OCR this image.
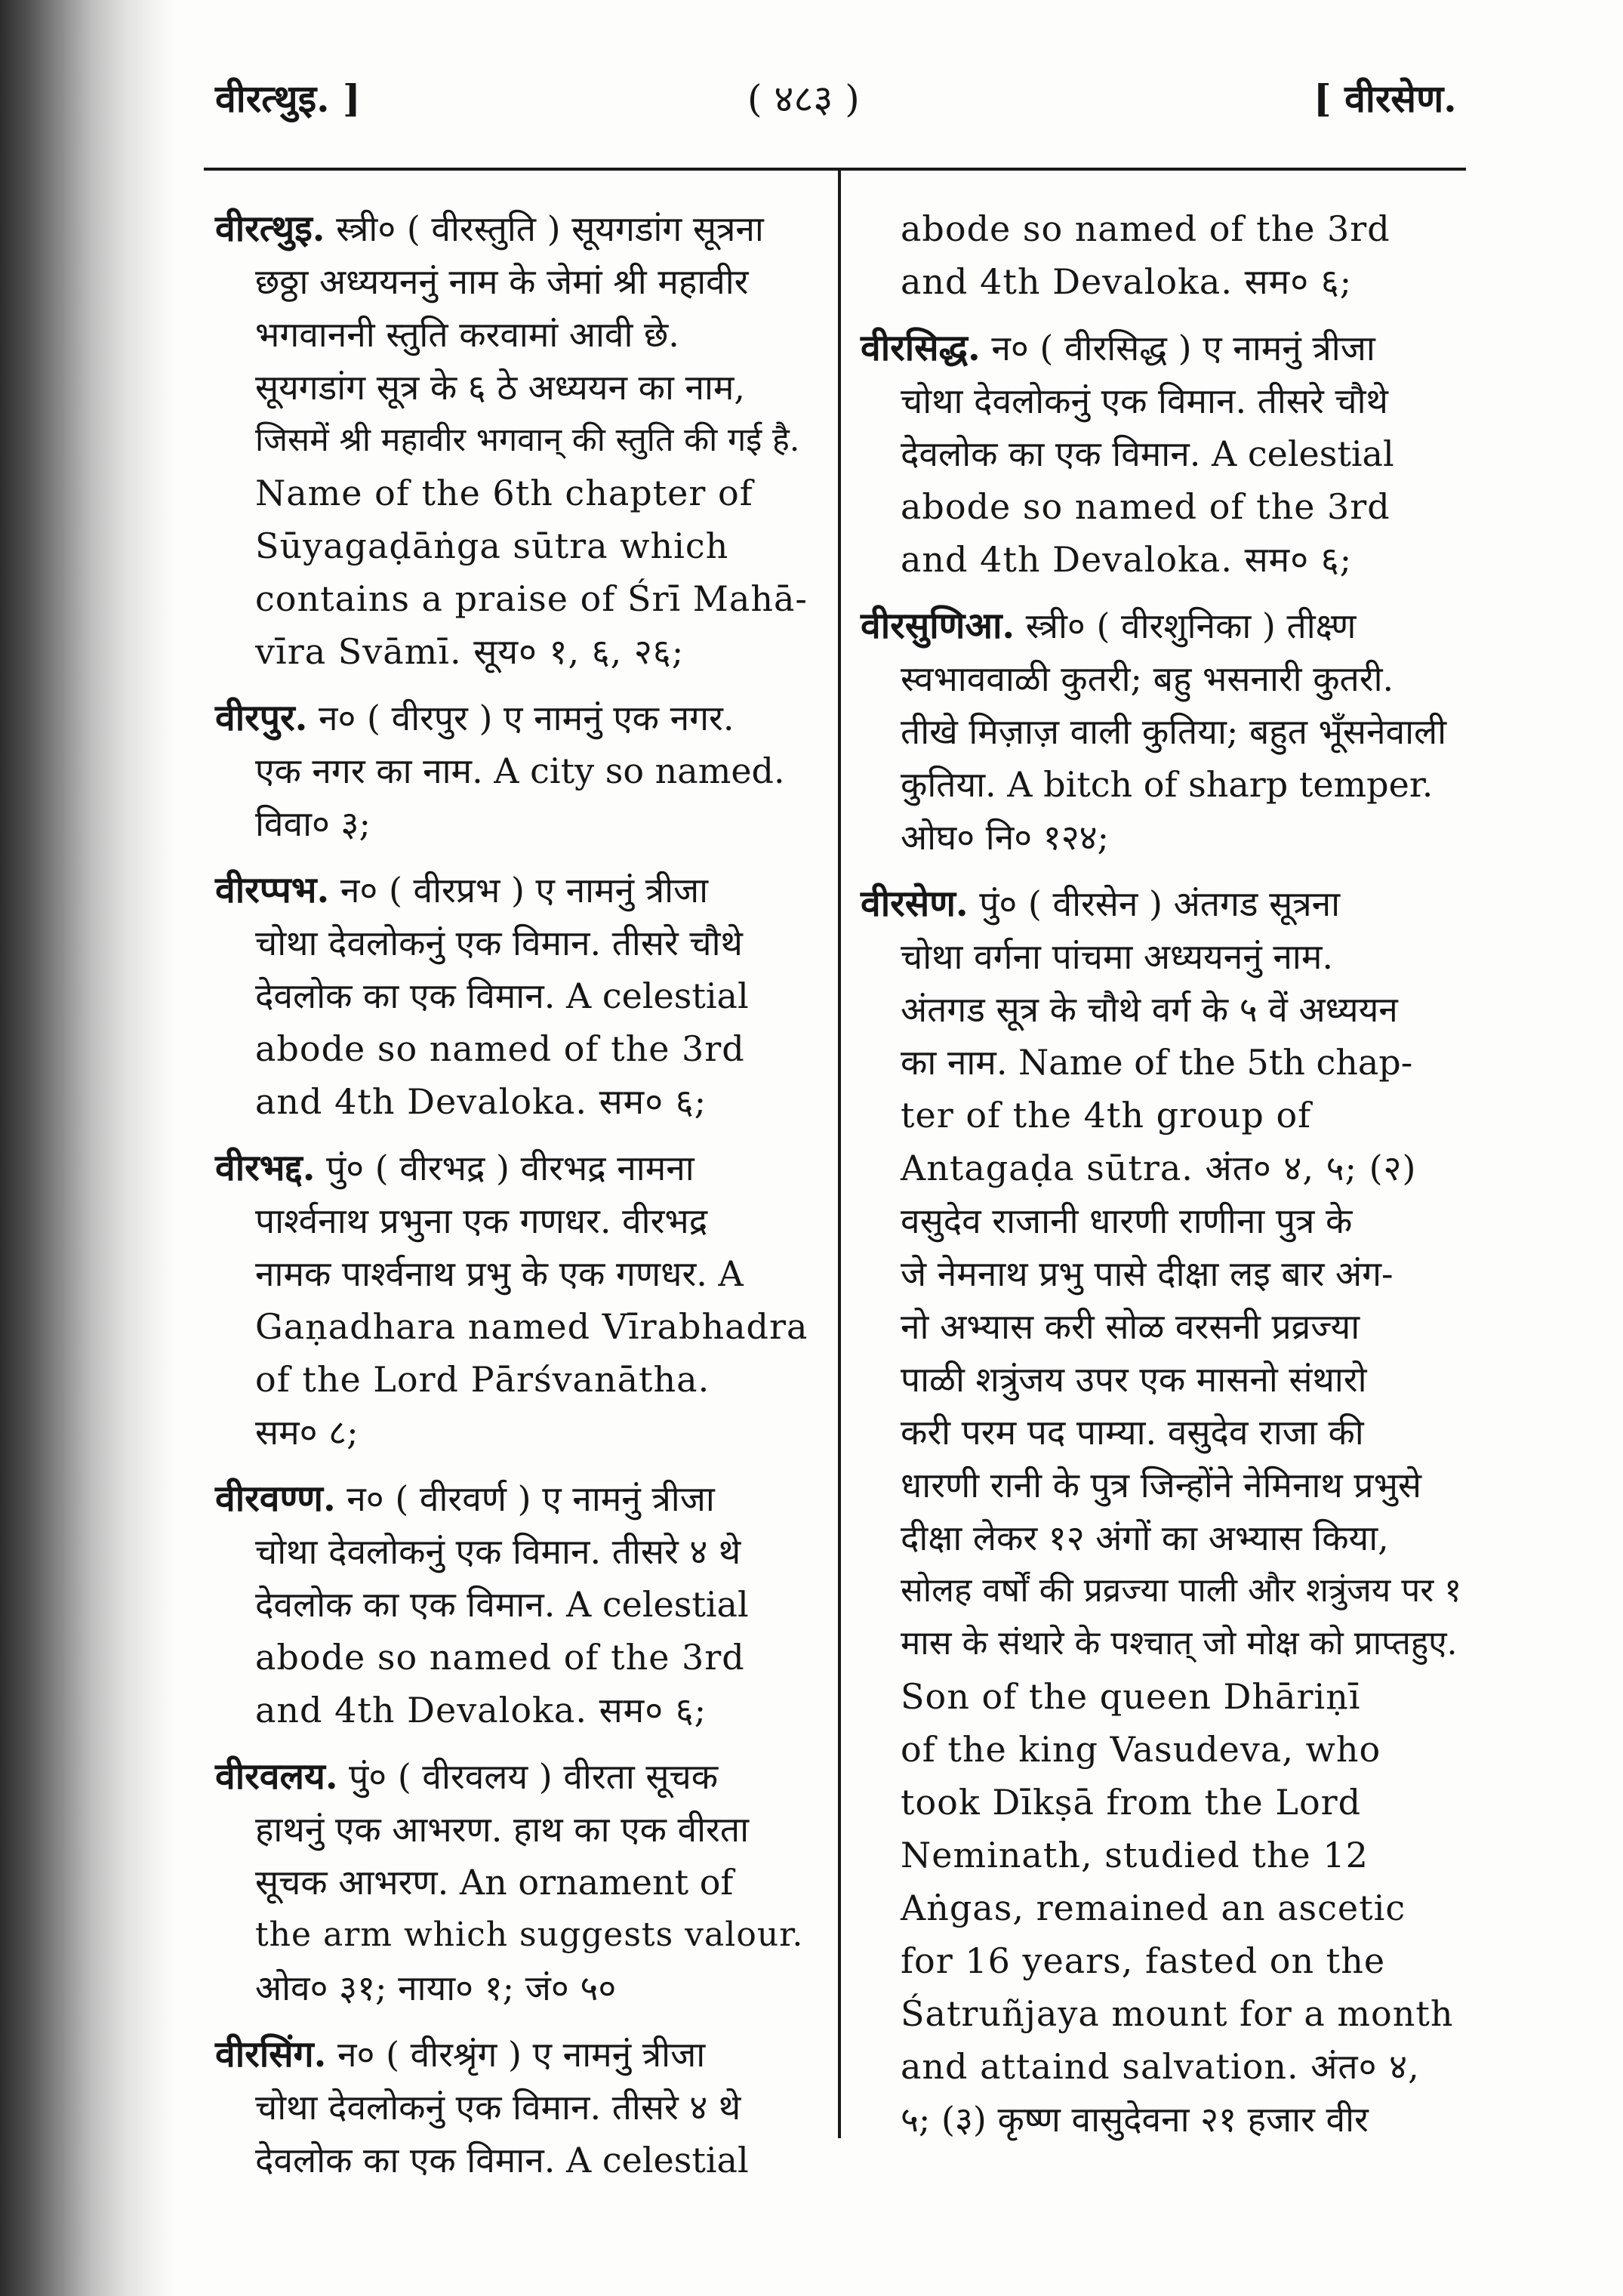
वीरत्थुइ. ]	( ४८३ )	[ वीरसेण.
वीरत्थुइ. स्त्री० ( वीरस्तुति ) सूयगडांग सूत्रना
छठ्ठा अध्ययननुं नाम के जेमां श्री महावीर
भगवाननी स्तुति करवामां आवी छे.
सूयगडांग सूत्र के ६ ठे अध्ययन का नाम,
जिसमें श्री महावीर भगवान् की स्तुति की गई है.
Name of the 6th chapter of
Sūyagaḍāṅga sūtra which
contains a praise of Śrī Mahā-
vīra Svāmī. सूय० १, ६, २६;
वीरपुर. न० ( वीरपुर ) ए नामनुं एक नगर.
एक नगर का नाम. A city so named.
विवा० ३;
वीरप्पभ. न० ( वीरप्रभ ) ए नामनुं त्रीजा
चोथा देवलोकनुं एक विमान. तीसरे चौथे
देवलोक का एक विमान. A celestial
abode so named of the 3rd
and 4th Devaloka. सम० ६;
वीरभद्द. पुं० ( वीरभद्र ) वीरभद्र नामना
पार्श्वनाथ प्रभुना एक गणधर. वीरभद्र
नामक पार्श्वनाथ प्रभु के एक गणधर. A
Gaṇadhara named Vīrabhadra
of the Lord Pārśvanātha.
सम० ८;
वीरवण्ण. न० ( वीरवर्ण ) ए नामनुं त्रीजा
चोथा देवलोकनुं एक विमान. तीसरे ४ थे
देवलोक का एक विमान. A celestial
abode so named of the 3rd
and 4th Devaloka. सम० ६;
वीरवलय. पुं० ( वीरवलय ) वीरता सूचक
हाथनुं एक आभरण. हाथ का एक वीरता
सूचक आभरण. An ornament of
the arm which suggests valour.
ओव० ३१; नाया० १; जं० ५०
वीरसिंग. न० ( वीरश्रृंग ) ए नामनुं त्रीजा
चोथा देवलोकनुं एक विमान. तीसरे ४ थे
देवलोक का एक विमान. A celestial
abode so named of the 3rd
and 4th Devaloka. सम० ६;
वीरसिद्ध. न० ( वीरसिद्ध ) ए नामनुं त्रीजा
चोथा देवलोकनुं एक विमान. तीसरे चौथे
देवलोक का एक विमान. A celestial
abode so named of the 3rd
and 4th Devaloka. सम० ६;
वीरसुणिआ. स्त्री० ( वीरशुनिका ) तीक्ष्ण
स्वभाववाळी कुतरी; बहु भसनारी कुतरी.
तीखे मिज़ाज़ वाली कुतिया; बहुत भूँसनेवाली
कुतिया. A bitch of sharp temper.
ओघ० नि० १२४;
वीरसेण. पुं० ( वीरसेन ) अंतगड सूत्रना
चोथा वर्गना पांचमा अध्ययननुं नाम.
अंतगड सूत्र के चौथे वर्ग के ५ वें अध्ययन
का नाम. Name of the 5th chap-
ter of the 4th group of
Antagaḍa sūtra. अंत० ४, ५; (२)
वसुदेव राजानी धारणी राणीना पुत्र के
जे नेमनाथ प्रभु पासे दीक्षा लइ बार अंग-
नो अभ्यास करी सोळ वरसनी प्रव्रज्या
पाळी शत्रुंजय उपर एक मासनो संथारो
करी परम पद पाम्या. वसुदेव राजा की
धारणी रानी के पुत्र जिन्होंने नेमिनाथ प्रभुसे
दीक्षा लेकर १२ अंगों का अभ्यास किया,
सोलह वर्षों की प्रव्रज्या पाली और शत्रुंजय पर १
मास के संथारे के पश्चात् जो मोक्ष को प्राप्तहुए.
Son of the queen Dhāriṇī
of the king Vasudeva, who
took Dīkṣā from the Lord
Neminath, studied the 12
Aṅgas, remained an ascetic
for 16 years, fasted on the
Śatruñjaya mount for a month
and attaind salvation. अंत० ४,
५; (३) कृष्ण वासुदेवना २१ हजार वीर
